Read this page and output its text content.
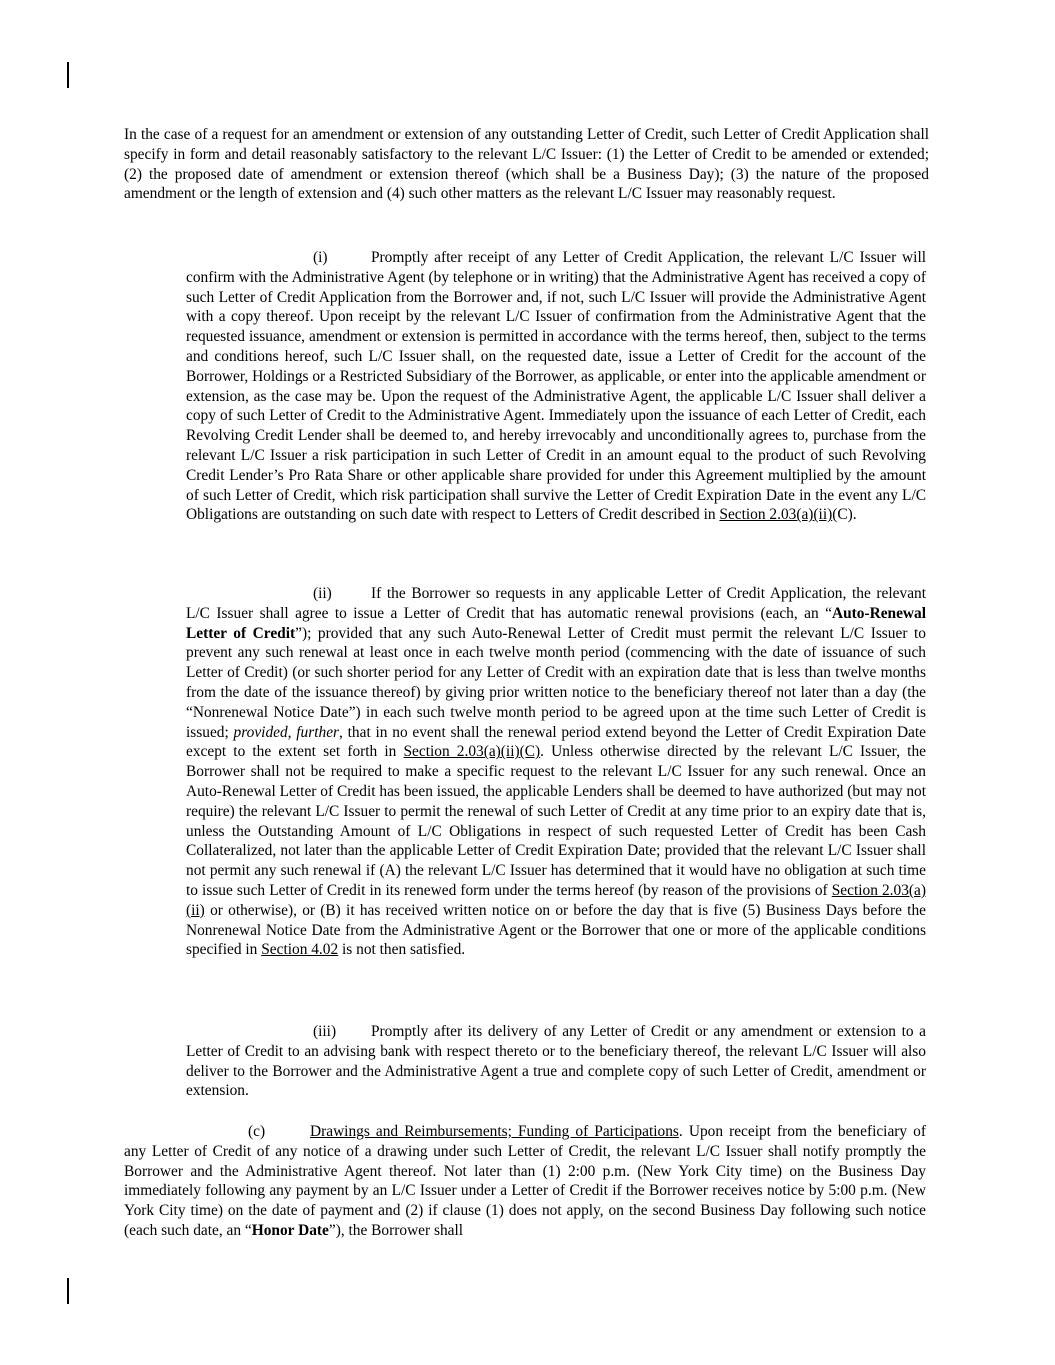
In the case of a request for an amendment or extension of any outstanding Letter of Credit, such Letter of Credit Application shall specify in form and detail reasonably satisfactory to the relevant L/C Issuer: (1) the Letter of Credit to be amended or extended; (2) the proposed date of amendment or extension thereof (which shall be a Business Day); (3) the nature of the proposed amendment or the length of extension and (4) such other matters as the relevant L/C Issuer may reasonably request.

(i)	Promptly after receipt of any Letter of Credit Application, the relevant L/C Issuer will confirm with the Administrative Agent (by telephone or in writing) that the Administrative Agent has received a copy of such Letter of Credit Application from the Borrower and, if not, such L/C Issuer will provide the Administrative Agent with a copy thereof. Upon receipt by the relevant L/C Issuer of confirmation from the Administrative Agent that the requested issuance, amendment or extension is permitted in accordance with the terms hereof, then, subject to the terms and conditions hereof, such L/C Issuer shall, on the requested date, issue a Letter of Credit for the account of the Borrower, Holdings or a Restricted Subsidiary of the Borrower, as applicable, or enter into the applicable amendment or extension, as the case may be. Upon the request of the Administrative Agent, the applicable L/C Issuer shall deliver a copy of such Letter of Credit to the Administrative Agent. Immediately upon the issuance of each Letter of Credit, each Revolving Credit Lender shall be deemed to, and hereby irrevocably and unconditionally agrees to, purchase from the relevant L/C Issuer a risk participation in such Letter of Credit in an amount equal to the product of such Revolving Credit Lender’s Pro Rata Share or other applicable share provided for under this Agreement multiplied by the amount of such Letter of Credit, which risk participation shall survive the Letter of Credit Expiration Date in the event any L/C Obligations are outstanding on such date with respect to Letters of Credit described in Section 2.03(a)(ii)(C).

(ii)	If the Borrower so requests in any applicable Letter of Credit Application, the relevant L/C Issuer shall agree to issue a Letter of Credit that has automatic renewal provisions (each, an “Auto-Renewal Letter of Credit”); provided that any such Auto-Renewal Letter of Credit must permit the relevant L/C Issuer to prevent any such renewal at least once in each twelve month period (commencing with the date of issuance of such Letter of Credit) (or such shorter period for any Letter of Credit with an expiration date that is less than twelve months from the date of the issuance thereof) by giving prior written notice to the beneficiary thereof not later than a day (the “Nonrenewal Notice Date”) in each such twelve month period to be agreed upon at the time such Letter of Credit is issued; provided, further, that in no event shall the renewal period extend beyond the Letter of Credit Expiration Date except to the extent set forth in Section 2.03(a)(ii)(C). Unless otherwise directed by the relevant L/C Issuer, the Borrower shall not be required to make a specific request to the relevant L/C Issuer for any such renewal. Once an Auto-Renewal Letter of Credit has been issued, the applicable Lenders shall be deemed to have authorized (but may not require) the relevant L/C Issuer to permit the renewal of such Letter of Credit at any time prior to an expiry date that is, unless the Outstanding Amount of L/C Obligations in respect of such requested Letter of Credit has been Cash Collateralized, not later than the applicable Letter of Credit Expiration Date; provided that the relevant L/C Issuer shall not permit any such renewal if (A) the relevant L/C Issuer has determined that it would have no obligation at such time to issue such Letter of Credit in its renewed form under the terms hereof (by reason of the provisions of Section 2.03(a)(ii) or otherwise), or (B) it has received written notice on or before the day that is five (5) Business Days before the Nonrenewal Notice Date from the Administrative Agent or the Borrower that one or more of the applicable conditions specified in Section 4.02 is not then satisfied.

(iii) Promptly after its delivery of any Letter of Credit or any amendment or extension to a Letter of Credit to an advising bank with respect thereto or to the beneficiary thereof, the relevant L/C Issuer will also deliver to the Borrower and the Administrative Agent a true and complete copy of such Letter of Credit, amendment or extension.

(c)	Drawings and Reimbursements; Funding of Participations. Upon receipt from the beneficiary of any Letter of Credit of any notice of a drawing under such Letter of Credit, the relevant L/C Issuer shall notify promptly the Borrower and the Administrative Agent thereof. Not later than (1) 2:00 p.m. (New York City time) on the Business Day immediately following any payment by an L/C Issuer under a Letter of Credit if the Borrower receives notice by 5:00 p.m. (New York City time) on the date of payment and (2) if clause (1) does not apply, on the second Business Day following such notice (each such date, an “Honor Date”), the Borrower shall
